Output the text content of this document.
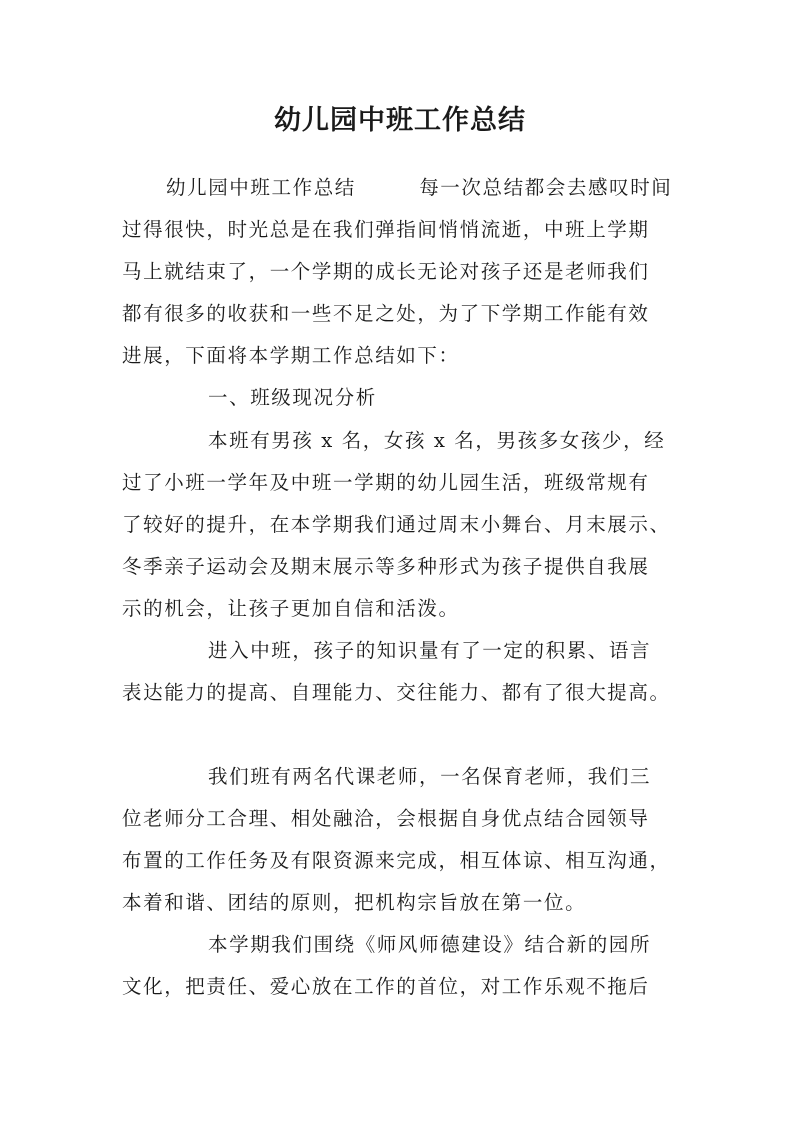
幼儿园中班工作总结

幼儿园中班工作总结　　　每一次总结都会去感叹时间

过得很快，时光总是在我们弹指间悄悄流逝，中班上学期

马上就结束了，一个学期的成长无论对孩子还是老师我们

都有很多的收获和一些不足之处，为了下学期工作能有效

进展，下面将本学期工作总结如下：

一、班级现况分析

本班有男孩 x 名，女孩 x 名，男孩多女孩少，经

过了小班一学年及中班一学期的幼儿园生活，班级常规有

了较好的提升，在本学期我们通过周末小舞台、月末展示、

冬季亲子运动会及期末展示等多种形式为孩子提供自我展

示的机会，让孩子更加自信和活泼。

进入中班，孩子的知识量有了一定的积累、语言

表达能力的提高、自理能力、交往能力、都有了很大提高。

我们班有两名代课老师，一名保育老师，我们三

位老师分工合理、相处融洽，会根据自身优点结合园领导

布置的工作任务及有限资源来完成，相互体谅、相互沟通，

本着和谐、团结的原则，把机构宗旨放在第一位。

本学期我们围绕《师风师德建设》结合新的园所

文化，把责任、爱心放在工作的首位，对工作乐观不拖后
